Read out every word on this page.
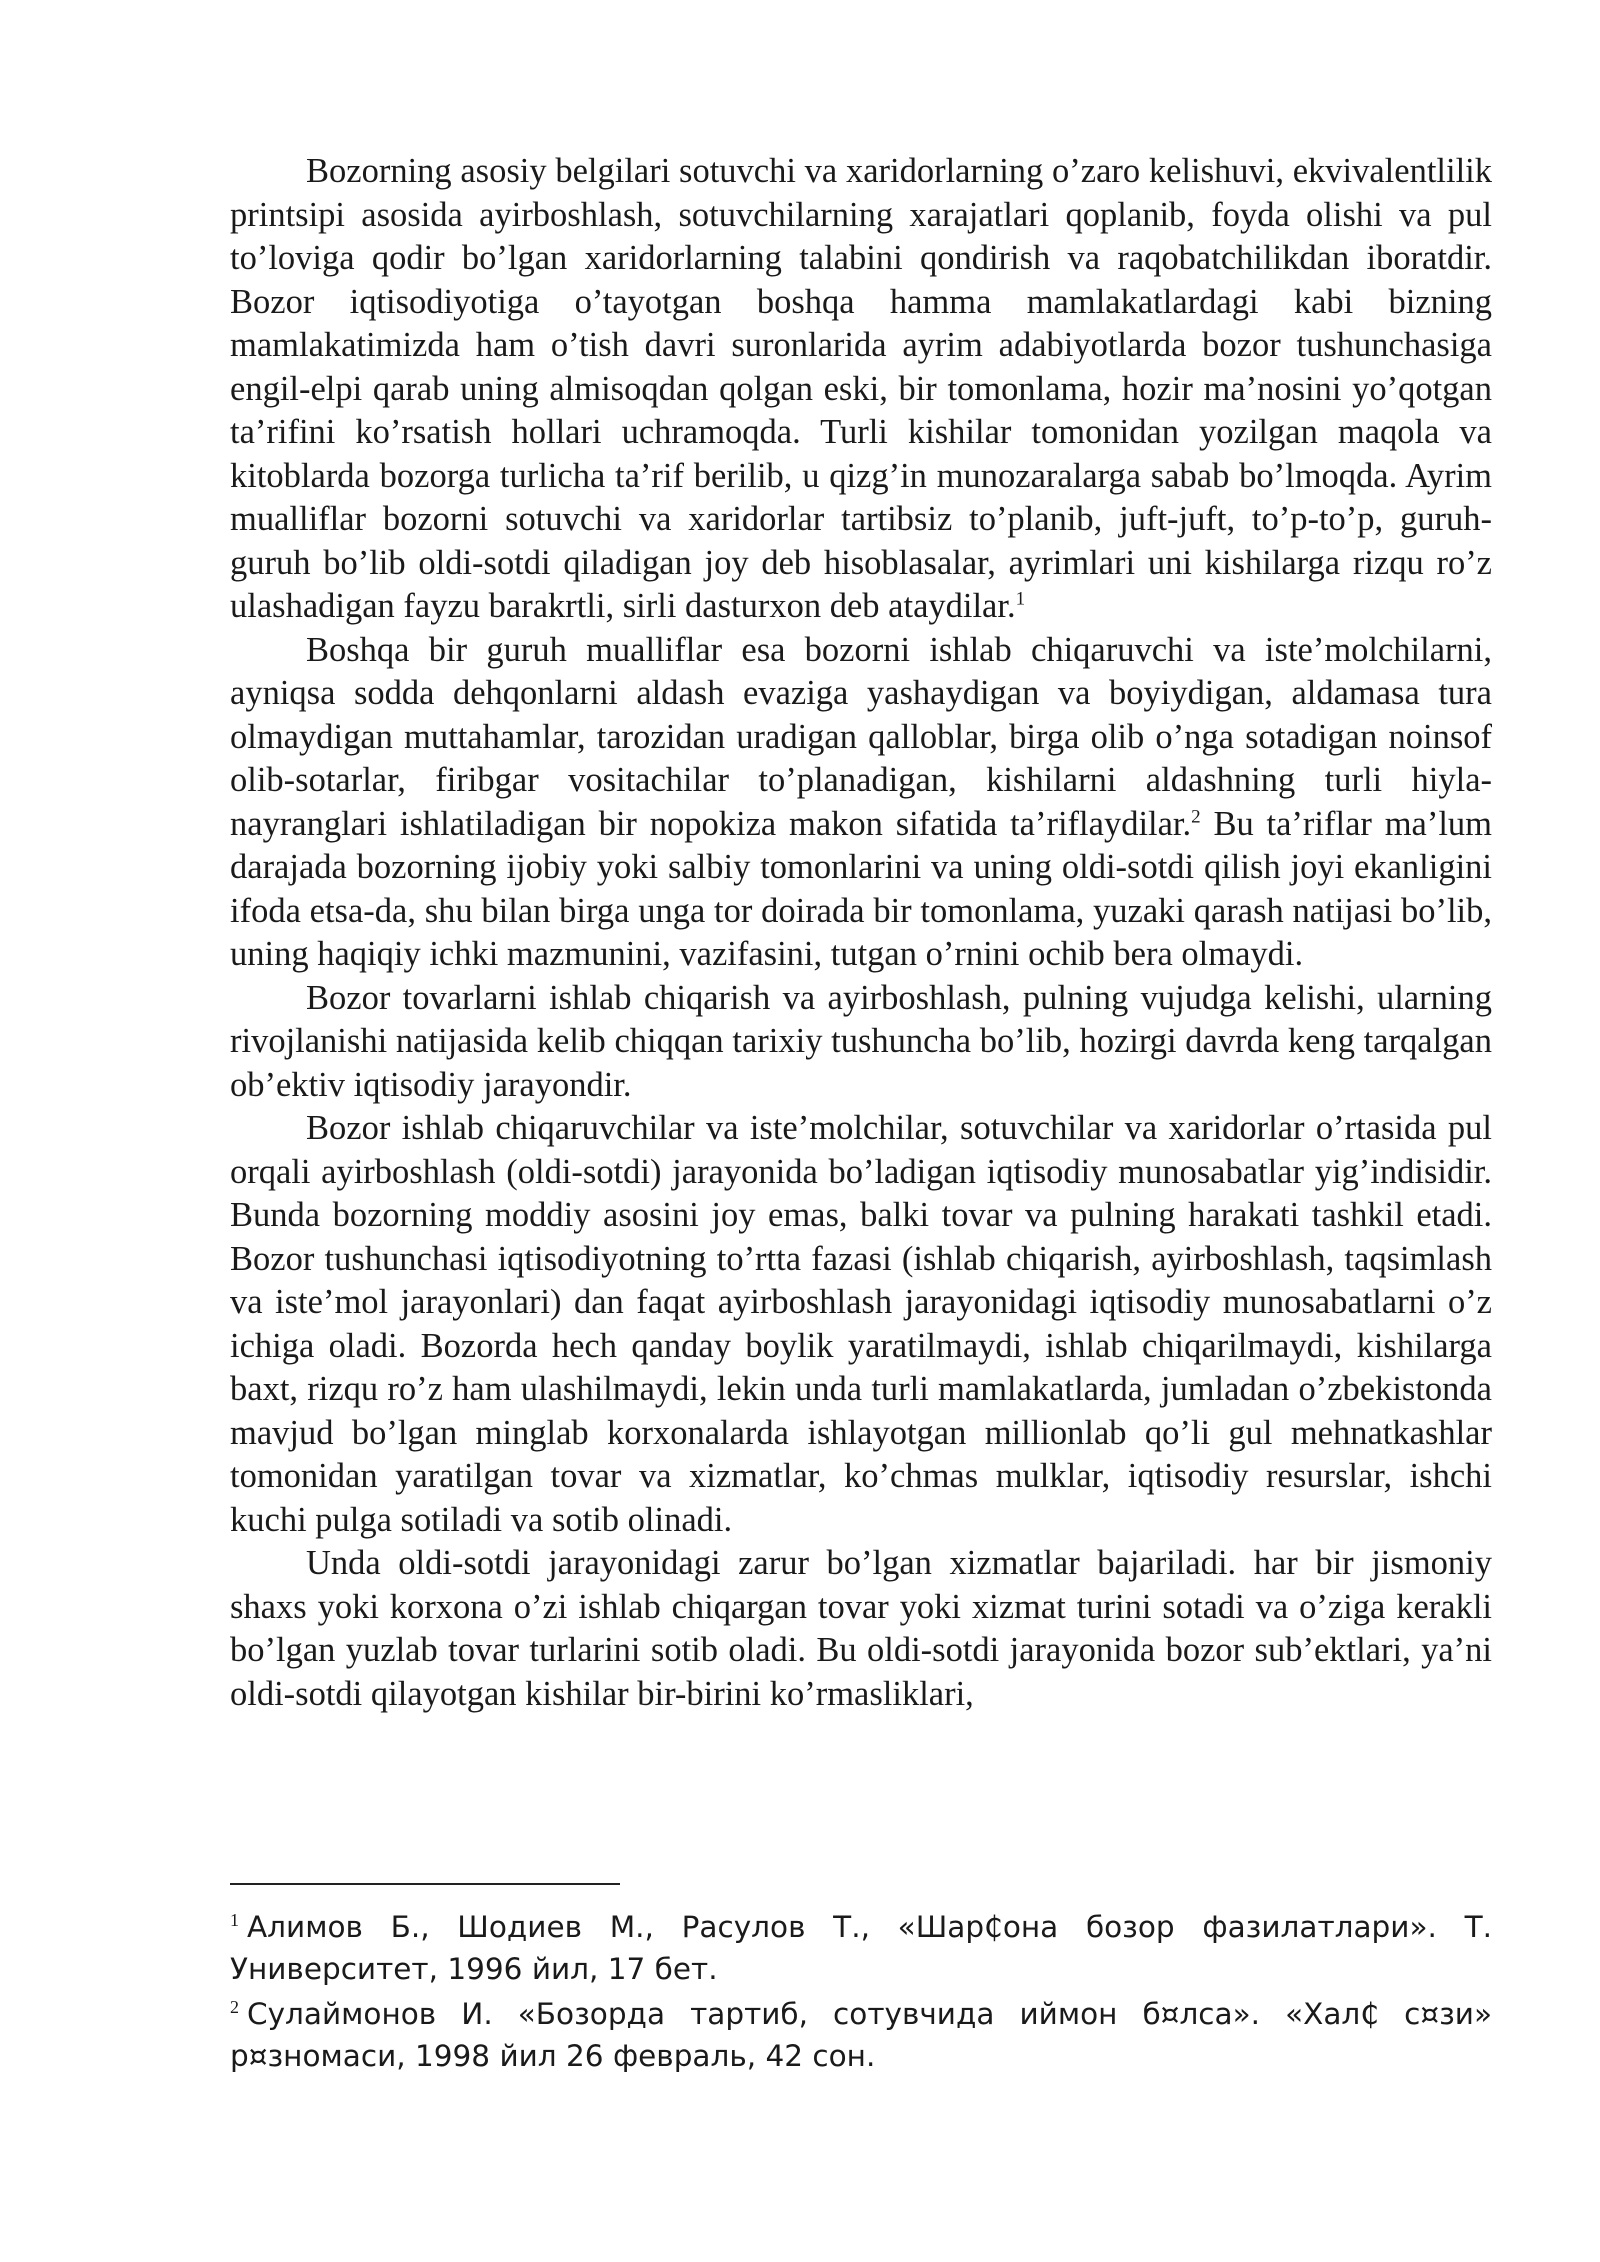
Bozorning asosiy belgilari sotuvchi va xaridorlarning o’zaro kelishuvi, ekvivalentlilik printsipi asosida ayirboshlash, sotuvchilarning xarajatlari qoplanib, foyda olishi va pul to’loviga qodir bo’lgan xaridorlarning talabini qondirish va raqobatchilikdan iboratdir. Bozor iqtisodiyotiga o’tayotgan boshqa hamma mamlakatlardagi kabi bizning mamlakatimizda ham o’tish davri suronlarida ayrim adabiyotlarda bozor tushunchasiga engil-elpi qarab uning almisoqdan qolgan eski, bir tomonlama, hozir ma’nosini yo’qotgan ta’rifini ko’rsatish hollari uchramoqda. Turli kishilar tomonidan yozilgan maqola va kitoblarda bozorga turlicha ta’rif berilib, u qizg’in munozaralarga sabab bo’lmoqda. Ayrim mualliflar bozorni sotuvchi va xaridorlar tartibsiz to’planib, juft-juft, to’p-to’p, guruh-guruh bo’lib oldi-sotdi qiladigan joy deb hisoblasalar, ayrimlari uni kishilarga rizqu ro’z ulashadigan fayzu barakrtli, sirli dasturxon deb ataydilar.$^1$

Boshqa bir guruh mualliflar esa bozorni ishlab chiqaruvchi va iste’molchilarni, ayniqsa sodda dehqonlarni aldash evaziga yashaydigan va boyiydigan, aldamasa tura olmaydigan muttahamlar, tarozidan uradigan qalloblar, birga olib o’nga sotadigan noinsof olib-sotarlar, firibgar vositachilar to’planadigan, kishilarni aldashning turli hiyla-nayranglari ishlatiladigan bir nopokiza makon sifatida ta’riflaydilar.$^2$ Bu ta’riflar ma’lum darajada bozorning ijobiy yoki salbiy tomonlarini va uning oldi-sotdi qilish joyi ekanligini ifoda etsa-da, shu bilan birga unga tor doirada bir tomonlama, yuzaki qarash natijasi bo’lib, uning haqiqiy ichki mazmunini, vazifasini, tutgan o’rnini ochib bera olmaydi.

Bozor tovarlarni ishlab chiqarish va ayirboshlash, pulning vujudga kelishi, ularning rivojlanishi natijasida kelib chiqqan tarixiy tushuncha bo’lib, hozirgi davrda keng tarqalgan ob’ektiv iqtisodiy jarayondir.

Bozor ishlab chiqaruvchilar va iste’molchilar, sotuvchilar va xaridorlar o’rtasida pul orqali ayirboshlash (oldi-sotdi) jarayonida bo’ladigan iqtisodiy munosabatlar yig’indisidir. Bunda bozorning moddiy asosini joy emas, balki tovar va pulning harakati tashkil etadi. Bozor tushunchasi iqtisodiyotning to’rtta fazasi (ishlab chiqarish, ayirboshlash, taqsimlash va iste’mol jarayonlari) dan faqat ayirboshlash jarayonidagi iqtisodiy munosabatlarni o’z ichiga oladi. Bozorda hech qanday boylik yaratilmaydi, ishlab chiqarilmaydi, kishilarga baxt, rizqu ro’z ham ulashilmaydi, lekin unda turli mamlakatlarda, jumladan o’zbekistonda mavjud bo’lgan minglab korxonalarda ishlayotgan millionlab qo’li gul mehnatkashlar tomonidan yaratilgan tovar va xizmatlar, ko’chmas mulklar, iqtisodiy resurslar, ishchi kuchi pulga sotiladi va sotib olinadi.

Unda oldi-sotdi jarayonidagi zarur bo’lgan xizmatlar bajariladi. har bir jismoniy shaxs yoki korxona o’zi ishlab chiqargan tovar yoki xizmat turini sotadi va o’ziga kerakli bo’lgan yuzlab tovar turlarini sotib oladi. Bu oldi-sotdi jarayonida bozor sub’ektlari, ya’ni oldi-sotdi qilayotgan kishilar bir-birini ko’rmasliklari,

$^1$ Алимов Б., Шодиев М., Расулов Т., «Шар₵она бозор фазилатлари». Т. Университет, 1996 йил, 17 бет.

$^2$ Сулаймонов И. «Бозорда тартиб, сотувчида иймон б¤лса». «Хал₵ с¤зи» р¤зномаси, 1998 йил 26 февраль, 42 сон.
